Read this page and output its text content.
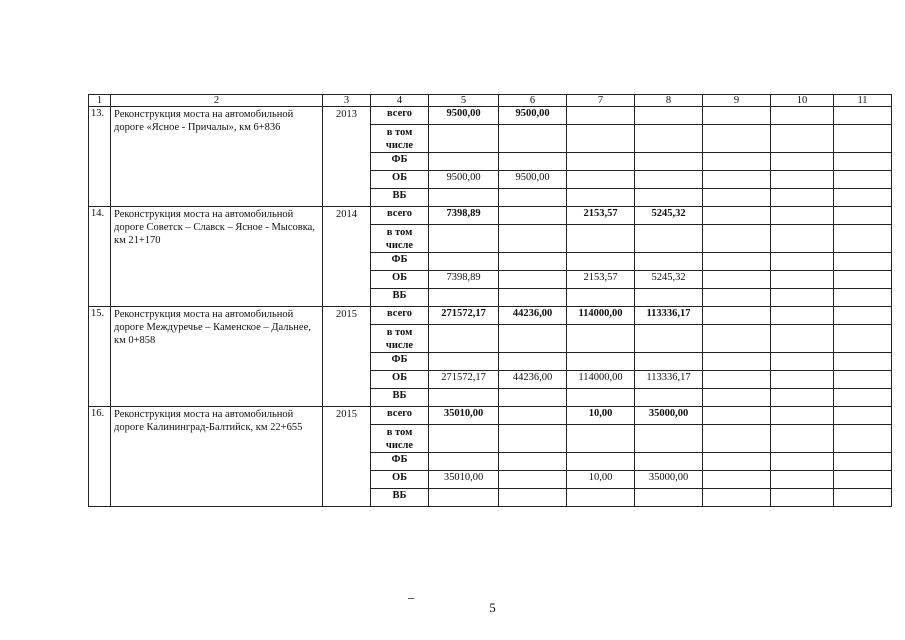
1	2	3	4	5	6	7	8	9	10	11
13.	Реконструкция моста на автомобильной дороге «Ясное - Причалы», км 6+836	2013	всего	9500,00	9500,00					
			в том числе							
			ФБ							
			ОБ	9500,00	9500,00					
			ВБ							
14.	Реконструкция моста на автомобильной дороге Советск – Славск – Ясное - Мысовка, км 21+170	2014	всего	7398,89		2153,57	5245,32			
			в том числе							
			ФБ							
			ОБ	7398,89		2153,57	5245,32			
			ВБ							
15.	Реконструкция моста на автомобильной дороге Междуречье – Каменское – Дальнее, км 0+858	2015	всего	271572,17	44236,00	114000,00	113336,17			
			в том числе							
			ФБ							
			ОБ	271572,17	44236,00	114000,00	113336,17			
			ВБ							
16.	Реконструкция моста на автомобильной дороге Калининград-Балтийск, км 22+655	2015	всего	35010,00		10,00	35000,00			
			в том числе							
			ФБ							
			ОБ	35010,00		10,00	35000,00			
			ВБ							
5
